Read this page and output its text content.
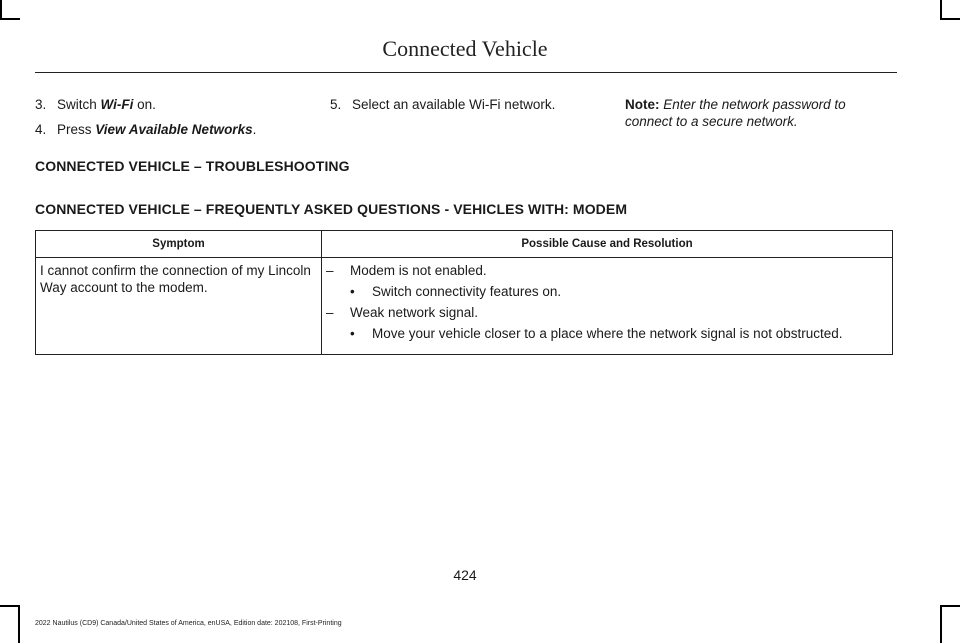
Connected Vehicle
3. Switch Wi-Fi on.
4. Press View Available Networks.
5. Select an available Wi-Fi network.	Note: Enter the network password to connect to a secure network.
CONNECTED VEHICLE – TROUBLESHOOTING
CONNECTED VEHICLE – FREQUENTLY ASKED QUESTIONS - VEHICLES WITH: MODEM
Symptom	Possible Cause and Resolution
I cannot confirm the connection of my Lincoln Way account to the modem.	– Modem is not enabled.
• Switch connectivity features on.
– Weak network signal.
• Move your vehicle closer to a place where the network signal is not obstructed.
424
2022 Nautilus (CD9) Canada/United States of America, enUSA, Edition date: 202108, First-Printing
